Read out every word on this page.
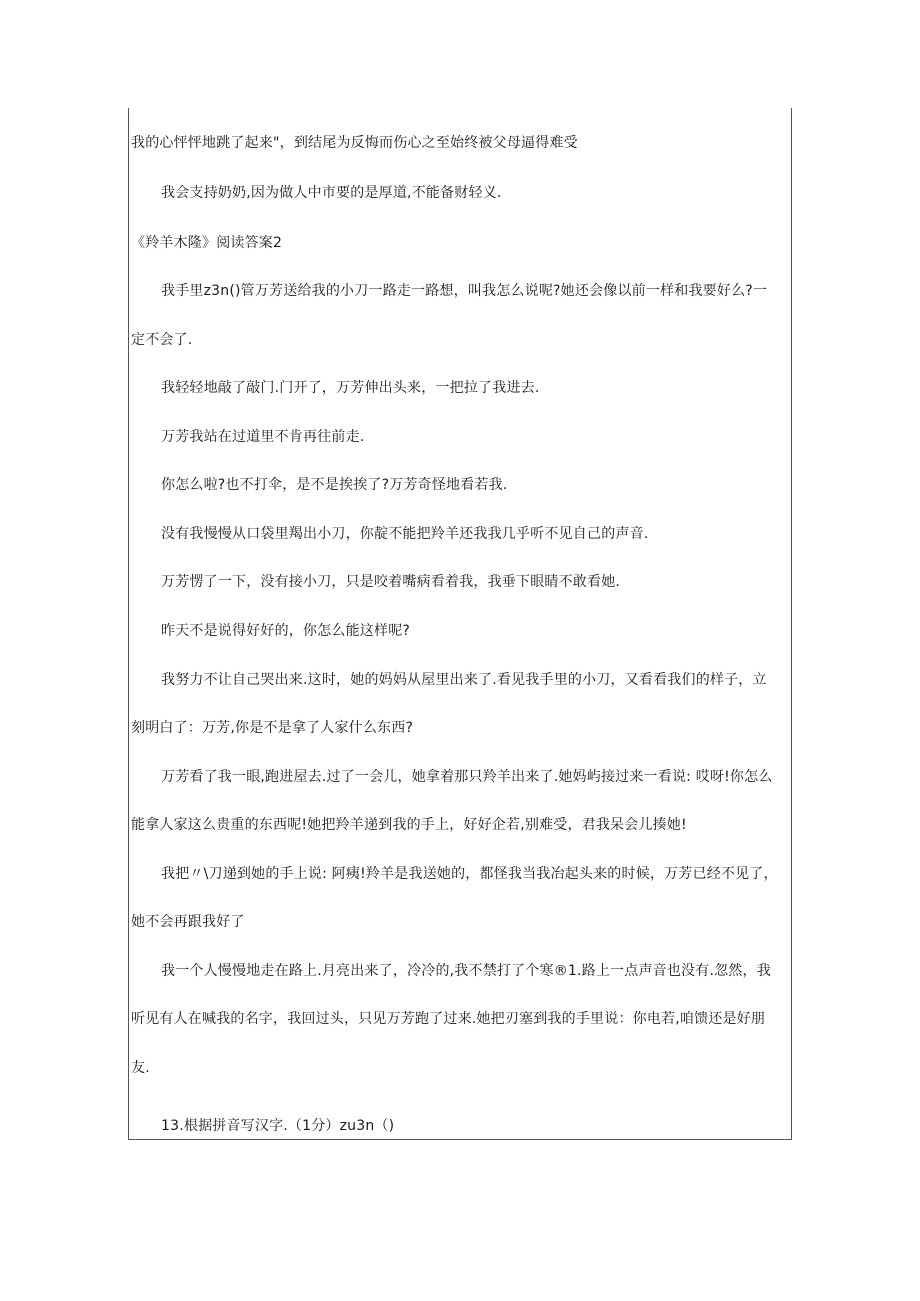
我的心怦怦地跳了起来"，到结尾为反悔而伤心之至始终被父母逼得难受
我会支持奶奶,因为做人中市要的是厚道,不能备财轻义.
《羚羊木隆》阅读答案2
我手里z3n()管万芳送给我的小刀一路走一路想，叫我怎么说呢?她还会像以前一样和我要好么?一
定不会了.
我轻轻地敲了敲门.门开了，万芳伸出头来，一把拉了我进去.
万芳我站在过道里不肯再往前走.
你怎么啦?也不打伞，是不是挨挨了?万芳奇怪地看若我.
没有我慢慢从口袋里羯出小刀，你靛不能把羚羊还我我几乎听不见自己的声音.
万芳愣了一下，没有接小刀，只是咬着嘴病看着我，我垂下眼睛不敢看她.
昨天不是说得好好的，你怎么能这样呢?
我努力不让自己哭出来.这时，她的妈妈从屋里出来了.看见我手里的小刀，又看看我们的样子，立
刻明白了：万芳,你是不是拿了人家什么东西?
万芳看了我一眼,跑进屋去.过了一会儿，她拿着那只羚羊出来了.她妈屿接过来一看说: 哎呀!你怎么
能拿人家这么贵重的东西呢!她把羚羊递到我的手上，好好企若,别难受，君我呆会儿揍她!
我把〃\刀递到她的手上说: 阿痍!羚羊是我送她的，都怪我当我冶起头来的时候，万芳已经不见了，
她不会再跟我好了
我一个人慢慢地走在路上.月亮出来了，冷冷的,我不禁打了个寒®1.路上一点声音也没有.忽然，我
听见有人在喊我的名字，我回过头，只见万芳跑了过来.她把刃塞到我的手里说：你电若,咱馈还是好朋
友.
13.根据拼音写汉字.（1分）zu3n（)
